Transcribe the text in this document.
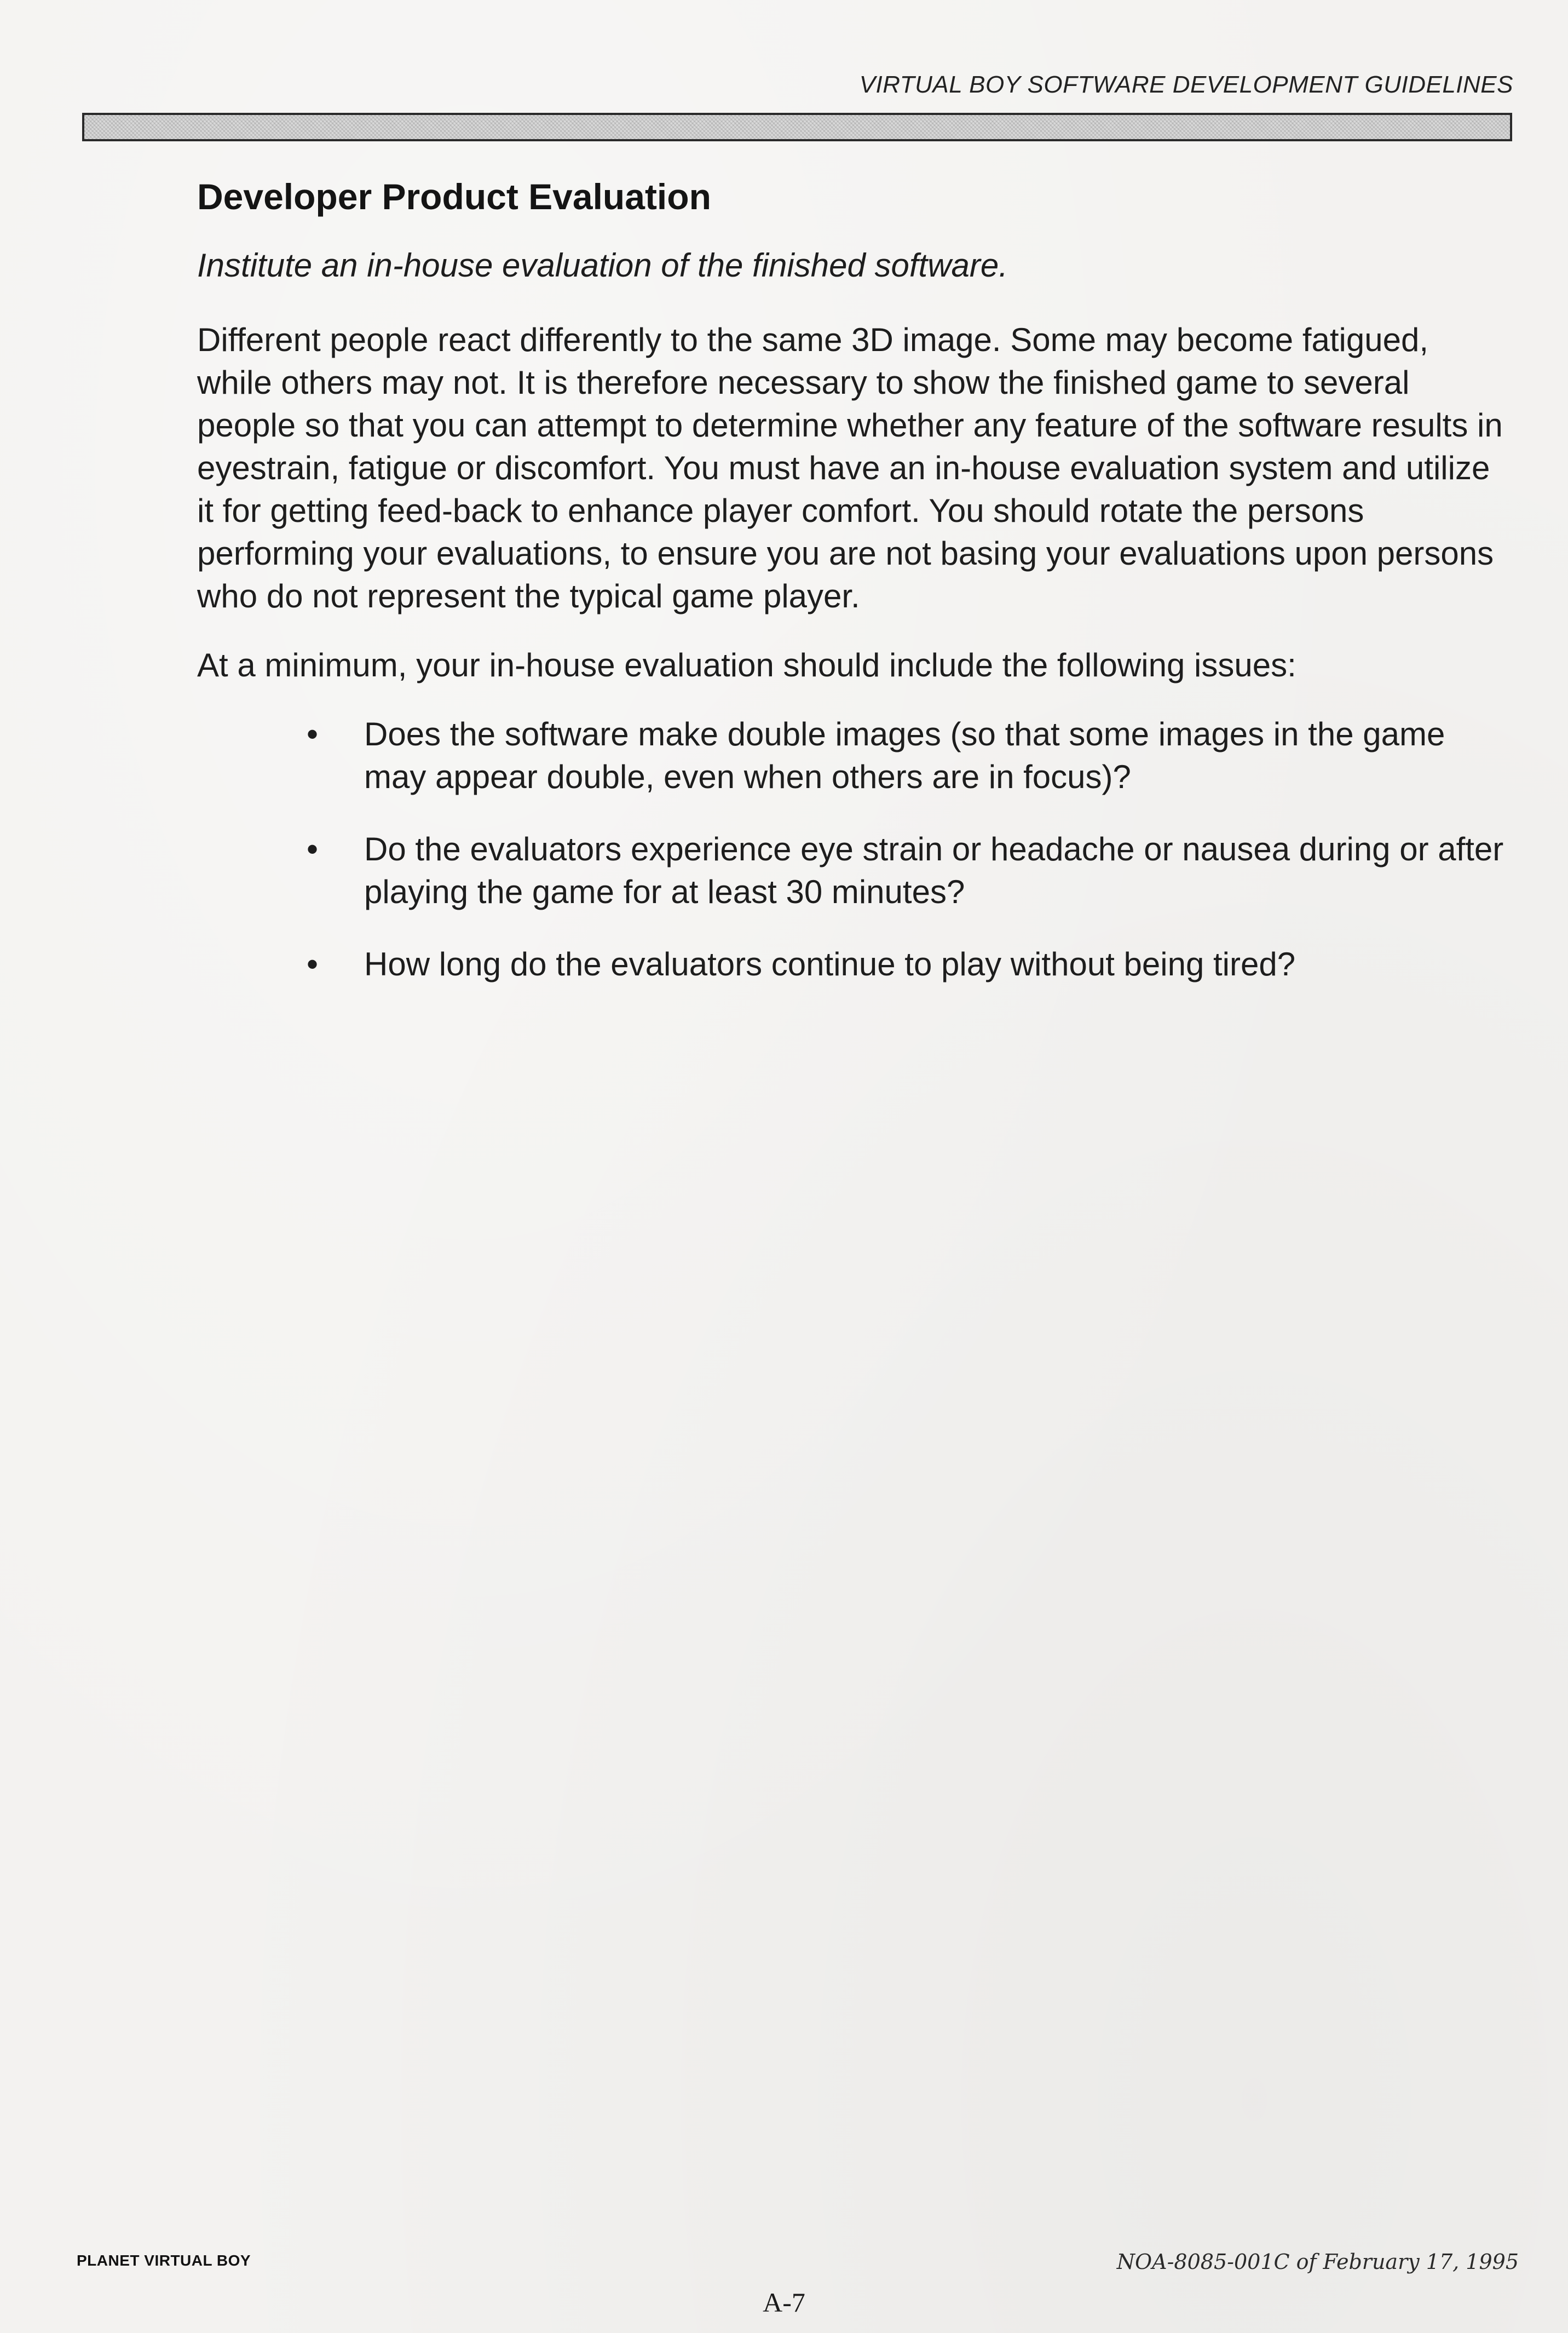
VIRTUAL BOY SOFTWARE DEVELOPMENT GUIDELINES
Developer Product Evaluation

Institute an in-house evaluation of the finished software.

Different people react differently to the same 3D image. Some may become fatigued, while others may not. It is therefore necessary to show the finished game to several people so that you can attempt to determine whether any feature of the software results in eyestrain, fatigue or discomfort. You must have an in-house evaluation system and utilize it for getting feed-back to enhance player comfort. You should rotate the persons performing your evaluations, to ensure you are not basing your evaluations upon persons who do not represent the typical game player.

At a minimum, your in-house evaluation should include the following issues:

• Does the software make double images (so that some images in the game may appear double, even when others are in focus)?
• Do the evaluators experience eye strain or headache or nausea during or after playing the game for at least 30 minutes?
• How long do the evaluators continue to play without being tired?
PLANET VIRTUAL BOY	NOA-8085-001C of February 17, 1995
A-7
